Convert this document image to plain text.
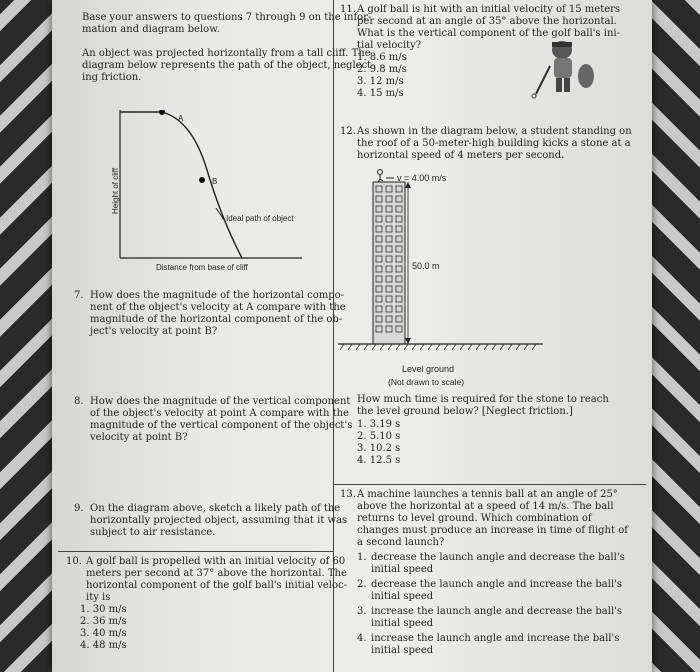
Base your answers to questions 7 through 9 on the infor-
mation and diagram below.
An object was projected horizontally from a tall cliff. The
diagram below represents the path of the object, neglect-
ing friction.
A
B
Height of cliff
Ideal path of object
Distance from base of cliff
7. How does the magnitude of the horizontal compo-
nent of the object's velocity at A compare with the
magnitude of the horizontal component of the ob-
ject's velocity at point B?
8. How does the magnitude of the vertical component
of the object's velocity at point A compare with the
magnitude of the vertical component of the object's
velocity at point B?
9. On the diagram above, sketch a likely path of the
horizontally projected object, assuming that it was
subject to air resistance.
10. A golf ball is propelled with an initial velocity of 60
meters per second at 37° above the horizontal. The
horizontal component of the golf ball's initial veloc-
ity is
1. 30 m/s
2. 36 m/s
3. 40 m/s
4. 48 m/s
11. A golf ball is hit with an initial velocity of 15 meters
per second at an angle of 35° above the horizontal.
What is the vertical component of the golf ball's ini-
tial velocity?
1. 8.6 m/s
2. 9.8 m/s
3. 12 m/s
4. 15 m/s
12. As shown in the diagram below, a student standing on
the roof of a 50-meter-high building kicks a stone at a
horizontal speed of 4 meters per second.
v = 4.00 m/s
50.0 m
Level ground
(Not drawn to scale)
How much time is required for the stone to reach
the level ground below? [Neglect friction.]
1. 3.19 s
2. 5.10 s
3. 10.2 s
4. 12.5 s
13. A machine launches a tennis ball at an angle of 25°
above the horizontal at a speed of 14 m/s. The ball
returns to level ground. Which combination of
changes must produce an increase in time of flight of
a second launch?
1. decrease the launch angle and decrease the ball's
initial speed
2. decrease the launch angle and increase the ball's
initial speed
3. increase the launch angle and decrease the ball's
initial speed
4. increase the launch angle and increase the ball's
initial speed
